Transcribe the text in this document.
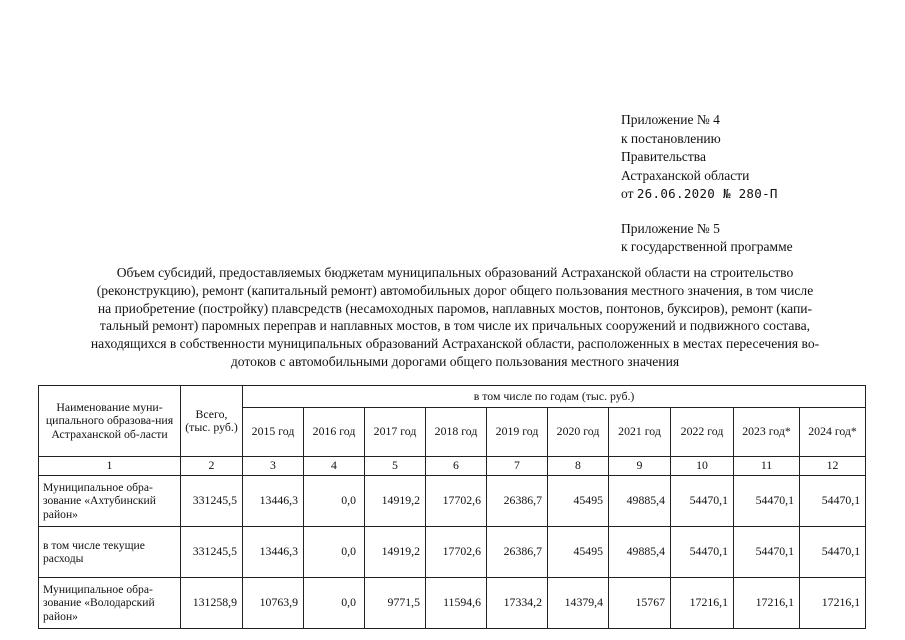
Приложение № 4
к постановлению
Правительства
Астраханской области
от 26.06.2020 № 280-П
Приложение № 5
к государственной программе
Объем субсидий, предоставляемых бюджетам муниципальных образований Астраханской области на строительство
(реконструкцию), ремонт (капитальный ремонт) автомобильных дорог общего пользования местного значения, в том числе
на приобретение (постройку) плавсредств (несамоходных паромов, наплавных мостов, понтонов, буксиров), ремонт (капи-
тальный ремонт) паромных переправ и наплавных мостов, в том числе их причальных сооружений и подвижного состава,
находящихся в собственности муниципальных образований Астраханской области, расположенных в местах пересечения во-
дотоков с автомобильными дорогами общего пользования местного значения
Наименование муни-ципального образова-ния Астраханской об-ласти	Всего, (тыс. руб.)	в том числе по годам (тыс. руб.)									
		2015 год	2016 год	2017 год	2018 год	2019 год	2020 год	2021 год	2022 год	2023 год*	2024 год*
1	2	3	4	5	6	7	8	9	10	11	12
Муниципальное обра-зование «Ахтубинский район»	331245,5	13446,3	0,0	14919,2	17702,6	26386,7	45495	49885,4	54470,1	54470,1	54470,1
в том числе текущие расходы	331245,5	13446,3	0,0	14919,2	17702,6	26386,7	45495	49885,4	54470,1	54470,1	54470,1
Муниципальное обра-зование «Володарский район»	131258,9	10763,9	0,0	9771,5	11594,6	17334,2	14379,4	15767	17216,1	17216,1	17216,1
